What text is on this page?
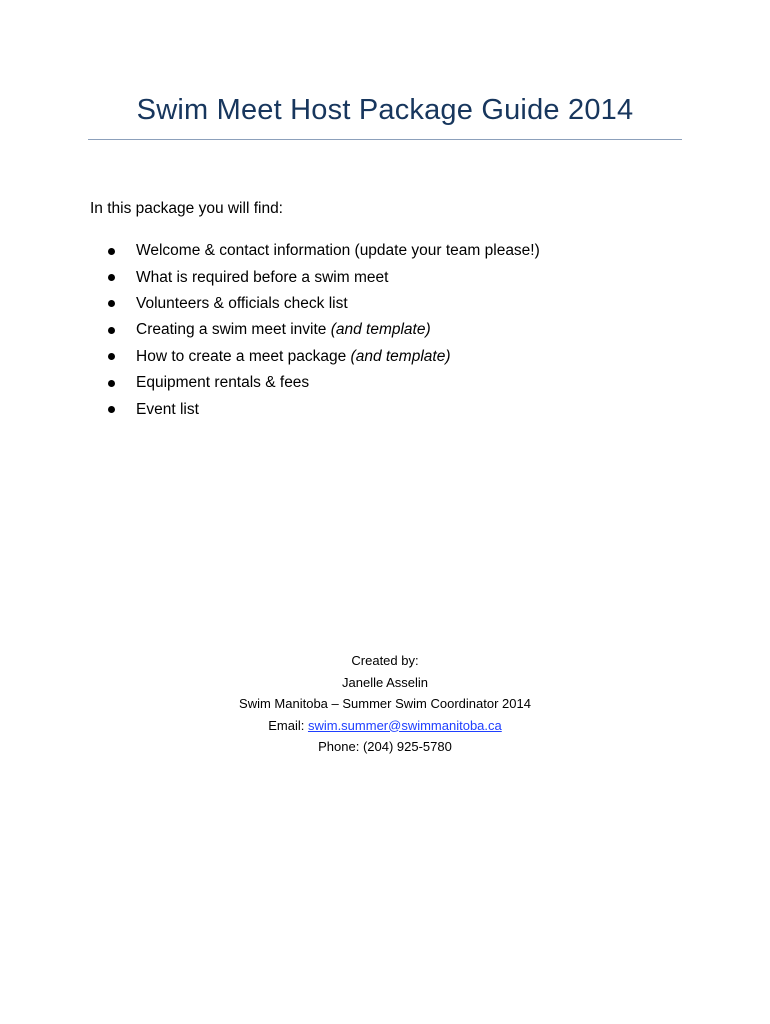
Swim Meet Host Package Guide 2014
In this package you will find:
Welcome & contact information (update your team please!)
What is required before a swim meet
Volunteers & officials check list
Creating a swim meet invite (and template)
How to create a meet package (and template)
Equipment rentals & fees
Event list
Created by:
Janelle Asselin
Swim Manitoba – Summer Swim Coordinator 2014
Email: swim.summer@swimmanitoba.ca
Phone: (204) 925-5780
